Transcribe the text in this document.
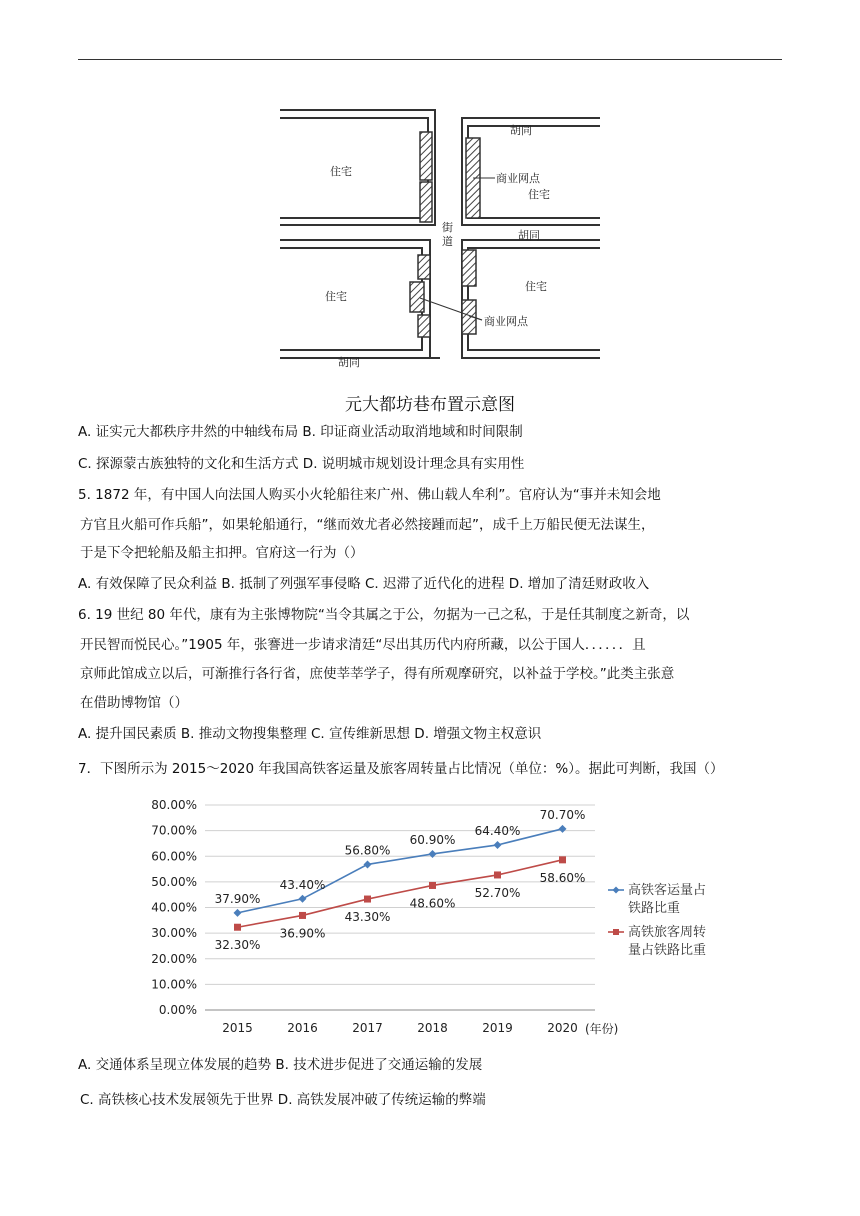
住宅
住宅
住宅
住宅
胡同
胡同
胡同
街
道
商业网点
商业网点
元大都坊巷布置示意图
A. 证实元大都秩序井然的中轴线布局 B. 印证商业活动取消地域和时间限制
C. 探源蒙古族独特的文化和生活方式 D. 说明城市规划设计理念具有实用性
5. 1872 年，有中国人向法国人购买小火轮船往来广州、佛山载人牟利”。官府认为“事并未知会地
方官且火船可作兵船”，如果轮船通行，“继而效尤者必然接踵而起”，成千上万船民便无法谋生，
于是下令把轮船及船主扣押。官府这一行为（）
A. 有效保障了民众利益 B. 抵制了列强军事侵略 C. 迟滞了近代化的进程 D. 增加了清廷财政收入
6. 19 世纪 80 年代，康有为主张博物院“当令其属之于公，勿据为一己之私，于是任其制度之新奇，以
开民智而悦民心。”1905 年，张謇进一步请求清廷“尽出其历代内府所藏，以公于国人．．．．．．且
京师此馆成立以后，可渐推行各行省，庶使莘莘学子，得有所观摩研究，以补益于学校。”此类主张意
在借助博物馆（）
A. 提升国民素质 B. 推动文物搜集整理 C. 宣传维新思想 D. 增强文物主权意识
7．下图所示为 2015～2020 年我国高铁客运量及旅客周转量占比情况（单位：%）。据此可判断，我国（）
0.00%
10.00%
20.00%
30.00%
40.00%
50.00%
60.00%
70.00%
80.00%
2015	2016	2017	2018	2019	2020 (年份)
37.90%
43.40%
56.80%
60.90%
64.40%
70.70%
高铁客运量占
铁路比重
32.30%
36.90%
43.30%
48.60%
52.70%
58.60%
高铁旅客周转
量占铁路比重
A. 交通体系呈现立体发展的趋势 B. 技术进步促进了交通运输的发展
C. 高铁核心技术发展领先于世界 D. 高铁发展冲破了传统运输的弊端
